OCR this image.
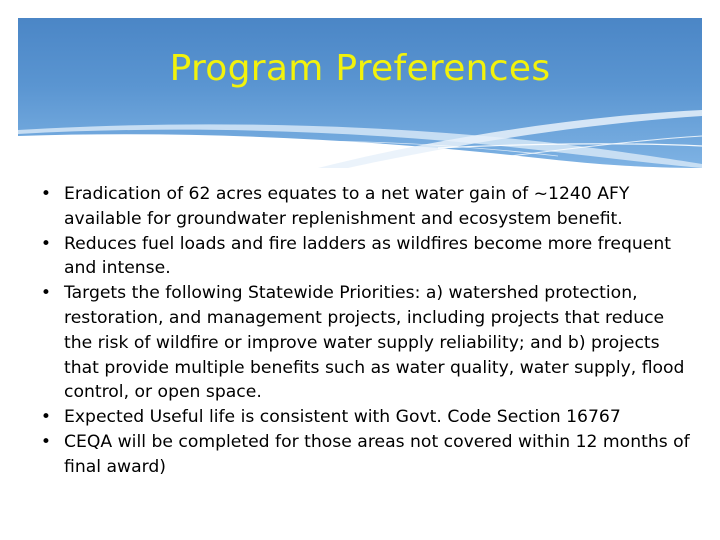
Program Preferences
• Eradication of 62 acres equates to a net water gain of ~1240 AFY available for groundwater replenishment and ecosystem benefit.
• Reduces fuel loads and fire ladders as wildfires become more frequent and intense.
• Targets the following Statewide Priorities: a) watershed protection, restoration, and management projects, including projects that reduce the risk of wildfire or improve water supply reliability; and b) projects that provide multiple benefits such as water quality, water supply, flood control, or open space.
• Expected Useful life is consistent with Govt. Code Section 16767
• CEQA will be completed for those areas not covered within 12 months of final award)
